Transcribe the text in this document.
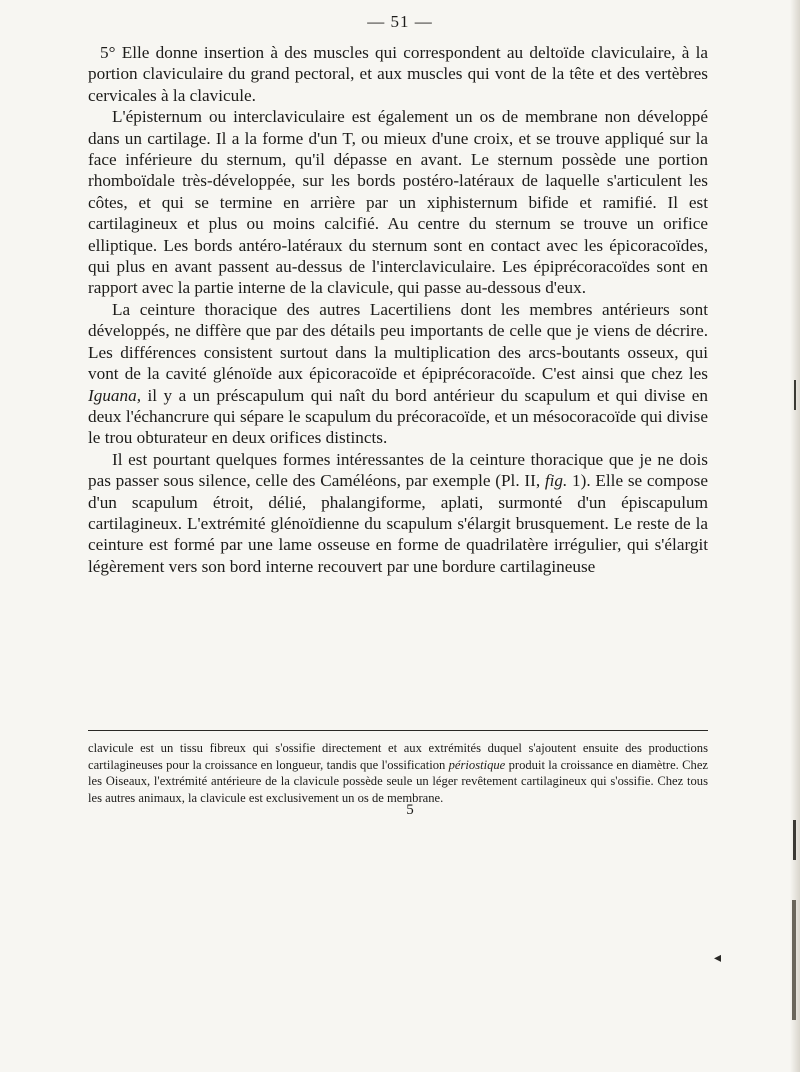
— 51 —

5° Elle donne insertion à des muscles qui correspondent au deltoïde claviculaire, à la portion claviculaire du grand pectoral, et aux muscles qui vont de la tête et des vertèbres cervicales à la clavicule.

L'épisternum ou interclaviculaire est également un os de membrane non développé dans un cartilage. Il a la forme d'un T, ou mieux d'une croix, et se trouve appliqué sur la face inférieure du sternum, qu'il dépasse en avant. Le sternum possède une portion rhomboïdale très-développée, sur les bords postéro-latéraux de laquelle s'articulent les côtes, et qui se termine en arrière par un xiphisternum bifide et ramifié. Il est cartilagineux et plus ou moins calcifié. Au centre du sternum se trouve un orifice elliptique. Les bords antéro-latéraux du sternum sont en contact avec les épicoracoïdes, qui plus en avant passent au-dessus de l'interclaviculaire. Les épiprécoracoïdes sont en rapport avec la partie interne de la clavicule, qui passe au-dessous d'eux.

La ceinture thoracique des autres Lacertiliens dont les membres antérieurs sont développés, ne diffère que par des détails peu importants de celle que je viens de décrire. Les différences consistent surtout dans la multiplication des arcs-boutants osseux, qui vont de la cavité glénoïde aux épicoracoïde et épiprécoracoïde. C'est ainsi que chez les Iguana, il y a un préscapulum qui naît du bord antérieur du scapulum et qui divise en deux l'échancrure qui sépare le scapulum du précoracoïde, et un mésocoracoïde qui divise le trou obturateur en deux orifices distincts.

Il est pourtant quelques formes intéressantes de la ceinture thoracique que je ne dois pas passer sous silence, celle des Caméléons, par exemple (Pl. II, fig. 1). Elle se compose d'un scapulum étroit, délié, phalangiforme, aplati, surmonté d'un épiscapulum cartilagineux. L'extrémité glénoïdienne du scapulum s'élargit brusquement. Le reste de la ceinture est formé par une lame osseuse en forme de quadrilatère irrégulier, qui s'élargit légèrement vers son bord interne recouvert par une bordure cartilagineuse

clavicule est un tissu fibreux qui s'ossifie directement et aux extrémités duquel s'ajoutent ensuite des productions cartilagineuses pour la croissance en longueur, tandis que l'ossification périostique produit la croissance en diamètre. Chez les Oiseaux, l'extrémité antérieure de la clavicule possède seule un léger revêtement cartilagineux qui s'ossifie. Chez tous les autres animaux, la clavicule est exclusivement un os de membrane.

5
◂
